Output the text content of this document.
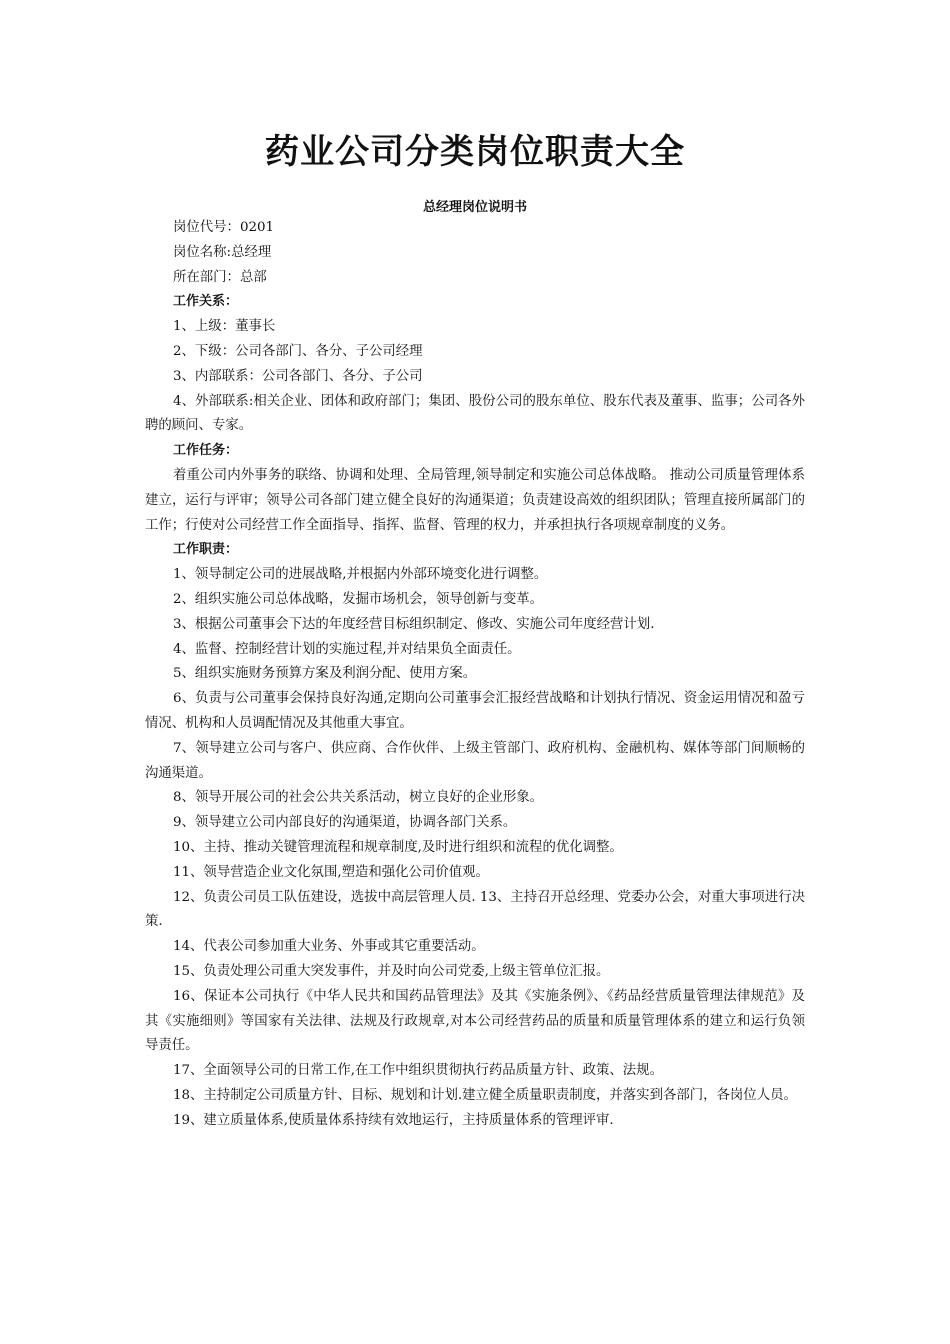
药业公司分类岗位职责大全
总经理岗位说明书

岗位代号：0201

岗位名称:总经理

所在部门：总部

工作关系：

1、上级：董事长

2、下级：公司各部门、各分、子公司经理

3、内部联系：公司各部门、各分、子公司

4、外部联系:相关企业、团体和政府部门；集团、股份公司的股东单位、股东代表及董事、监事；公司各外聘的顾问、专家。

工作任务：

着重公司内外事务的联络、协调和处理、全局管理,领导制定和实施公司总体战略。 推动公司质量管理体系建立，运行与评审；领导公司各部门建立健全良好的沟通渠道；负责建设高效的组织团队；管理直接所属部门的工作；行使对公司经营工作全面指导、指挥、监督、管理的权力，并承担执行各项规章制度的义务。

工作职责：

1、领导制定公司的进展战略,并根据内外部环境变化进行调整。

2、组织实施公司总体战略，发掘市场机会，领导创新与变革。

3、根据公司董事会下达的年度经营目标组织制定、修改、实施公司年度经营计划.

4、监督、控制经营计划的实施过程,并对结果负全面责任。

5、组织实施财务预算方案及利润分配、使用方案。

6、负责与公司董事会保持良好沟通,定期向公司董事会汇报经营战略和计划执行情况、资金运用情况和盈亏情况、机构和人员调配情况及其他重大事宜。

7、领导建立公司与客户、供应商、合作伙伴、上级主管部门、政府机构、金融机构、媒体等部门间顺畅的沟通渠道。

8、领导开展公司的社会公共关系活动，树立良好的企业形象。

9、领导建立公司内部良好的沟通渠道，协调各部门关系。

10、主持、推动关键管理流程和规章制度,及时进行组织和流程的优化调整。

11、领导营造企业文化氛围,塑造和强化公司价值观。

12、负责公司员工队伍建设，选拔中高层管理人员. 13、主持召开总经理、党委办公会，对重大事项进行决策.

14、代表公司参加重大业务、外事或其它重要活动。

15、负责处理公司重大突发事件，并及时向公司党委,上级主管单位汇报。

16、保证本公司执行《中华人民共和国药品管理法》及其《实施条例》、《药品经营质量管理法律规范》及其《实施细则》等国家有关法律、法规及行政规章,对本公司经营药品的质量和质量管理体系的建立和运行负领导责任。

17、全面领导公司的日常工作,在工作中组织贯彻执行药品质量方针、政策、法规。

18、主持制定公司质量方针、目标、规划和计划.建立健全质量职责制度，并落实到各部门，各岗位人员。

19、建立质量体系,使质量体系持续有效地运行，主持质量体系的管理评审.
